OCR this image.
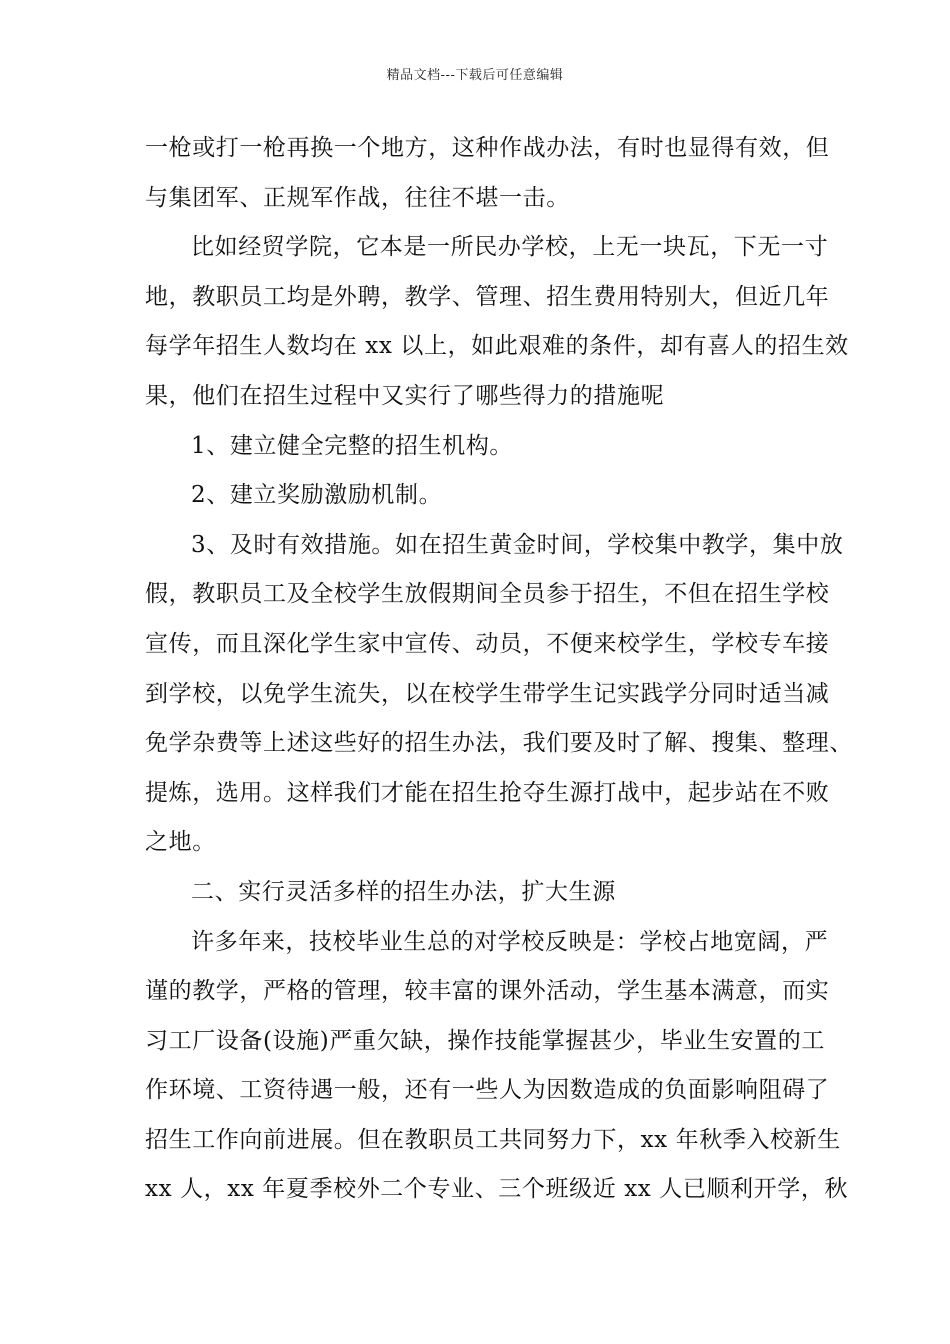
精品文档---下载后可任意编辑
一枪或打一枪再换一个地方，这种作战办法，有时也显得有效，但
与集团军、正规军作战，往往不堪一击。
比如经贸学院，它本是一所民办学校，上无一块瓦，下无一寸
地，教职员工均是外聘，教学、管理、招生费用特别大，但近几年
每学年招生人数均在 xx 以上，如此艰难的条件，却有喜人的招生效
果，他们在招生过程中又实行了哪些得力的措施呢
1、建立健全完整的招生机构。
2、建立奖励激励机制。
3、及时有效措施。如在招生黄金时间，学校集中教学，集中放
假，教职员工及全校学生放假期间全员参于招生，不但在招生学校
宣传，而且深化学生家中宣传、动员，不便来校学生，学校专车接
到学校，以免学生流失，以在校学生带学生记实践学分同时适当减
免学杂费等上述这些好的招生办法，我们要及时了解、搜集、整理、
提炼，选用。这样我们才能在招生抢夺生源打战中，起步站在不败
之地。
二、实行灵活多样的招生办法，扩大生源
许多年来，技校毕业生总的对学校反映是：学校占地宽阔，严
谨的教学，严格的管理，较丰富的课外活动，学生基本满意，而实
习工厂设备(设施)严重欠缺，操作技能掌握甚少，毕业生安置的工
作环境、工资待遇一般，还有一些人为因数造成的负面影响阻碍了
招生工作向前进展。但在教职员工共同努力下，xx 年秋季入校新生
xx 人，xx 年夏季校外二个专业、三个班级近 xx 人已顺利开学，秋
